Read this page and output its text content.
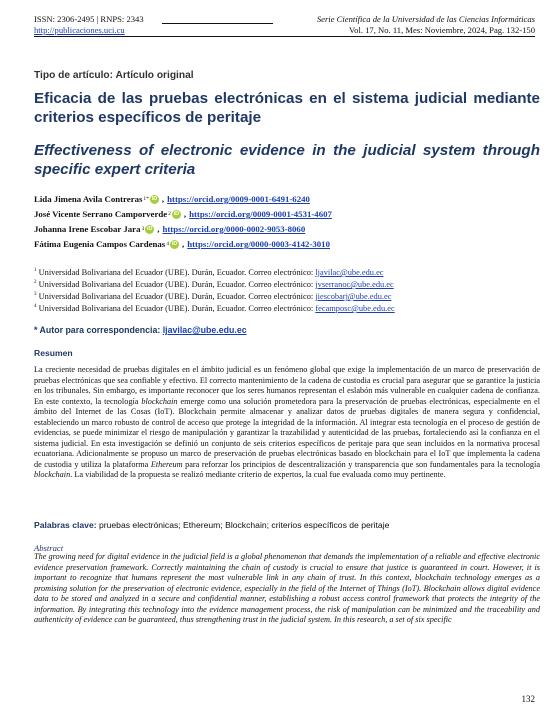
ISSN: 2306-2495 | RNPS: 2343	Serie Científica de la Universidad de las Ciencias Informáticas
http://publicaciones.uci.cu	Vol. 17, No. 11, Mes: Noviembre, 2024, Pag. 132-150
Tipo de artículo: Artículo original
Eficacia de las pruebas electrónicas en el sistema judicial mediante criterios específicos de peritaje
Effectiveness of electronic evidence in the judicial system through specific expert criteria
Lida Jimena Avila Contreras 1* iD , https://orcid.org/0009-0001-6491-6240
José Vicente Serrano Camporverde 2 iD , https://orcid.org/0009-0001-4531-4607
Johanna Irene Escobar Jara 3 iD , https://orcid.org/0000-0002-9053-8060
Fátima Eugenia Campos Cardenas 4 iD , https://orcid.org/0000-0003-4142-3010
$^1$ Universidad Bolivariana del Ecuador (UBE). Durán, Ecuador. Correo electrónico: ljavilac@ube.edu.ec
$^2$ Universidad Bolivariana del Ecuador (UBE). Durán, Ecuador. Correo electrónico: jvserranoc@ube.edu.ec
$^3$ Universidad Bolivariana del Ecuador (UBE). Durán, Ecuador. Correo electrónico: jiescobarj@ube.edu.ec
$^4$ Universidad Bolivariana del Ecuador (UBE). Durán, Ecuador. Correo electrónico: fecamposc@ube.edu.ec
* Autor para correspondencia: ljavilac@ube.edu.ec
Resumen

La creciente necesidad de pruebas digitales en el ámbito judicial es un fenómeno global que exige la implementación de un marco de preservación de pruebas electrónicas que sea confiable y efectivo. El correcto mantenimiento de la cadena de custodia es crucial para asegurar que se garantice la justicia en los tribunales. Sin embargo, es importante reconocer que los seres humanos representan el eslabón más vulnerable en cualquier cadena de confianza. En este contexto, la tecnología blockchain emerge como una solución prometedora para la preservación de pruebas electrónicas, especialmente en el ámbito del Internet de las Cosas (IoT). Blockchain permite almacenar y analizar datos de pruebas digitales de manera segura y confidencial, estableciendo un marco robusto de control de acceso que protege la integridad de la información. Al integrar esta tecnología en el proceso de gestión de evidencias, se puede minimizar el riesgo de manipulación y garantizar la trazabilidad y autenticidad de las pruebas, fortaleciendo así la confianza en el sistema judicial. En esta investigación se definió un conjunto de seis criterios específicos de peritaje para que sean incluidos en la normativa procesal ecuatoriana. Adicionalmente se propuso un marco de preservación de pruebas electrónicas basado en blockchain para el IoT que implementa la cadena de custodia y utiliza la plataforma Ethereum para reforzar los principios de descentralización y transparencia que son fundamentales para la tecnología blockchain. La viabilidad de la propuesta se realizó mediante criterio de expertos, la cual fue evaluada como muy pertinente.

Palabras clave: pruebas electrónicas; Ethereum; Blockchain; criterios específicos de peritaje
Abstract

The growing need for digital evidence in the judicial field is a global phenomenon that demands the implementation of a reliable and effective electronic evidence preservation framework. Correctly maintaining the chain of custody is crucial to ensure that justice is guaranteed in court. However, it is important to recognize that humans represent the most vulnerable link in any chain of trust. In this context, blockchain technology emerges as a promising solution for the preservation of electronic evidence, especially in the field of the Internet of Things (IoT). Blockchain allows digital evidence data to be stored and analyzed in a secure and confidential manner, establishing a robust access control framework that protects the integrity of the information. By integrating this technology into the evidence management process, the risk of manipulation can be minimized and the traceability and authenticity of evidence can be guaranteed, thus strengthening trust in the judicial system. In this research, a set of six specific

132
